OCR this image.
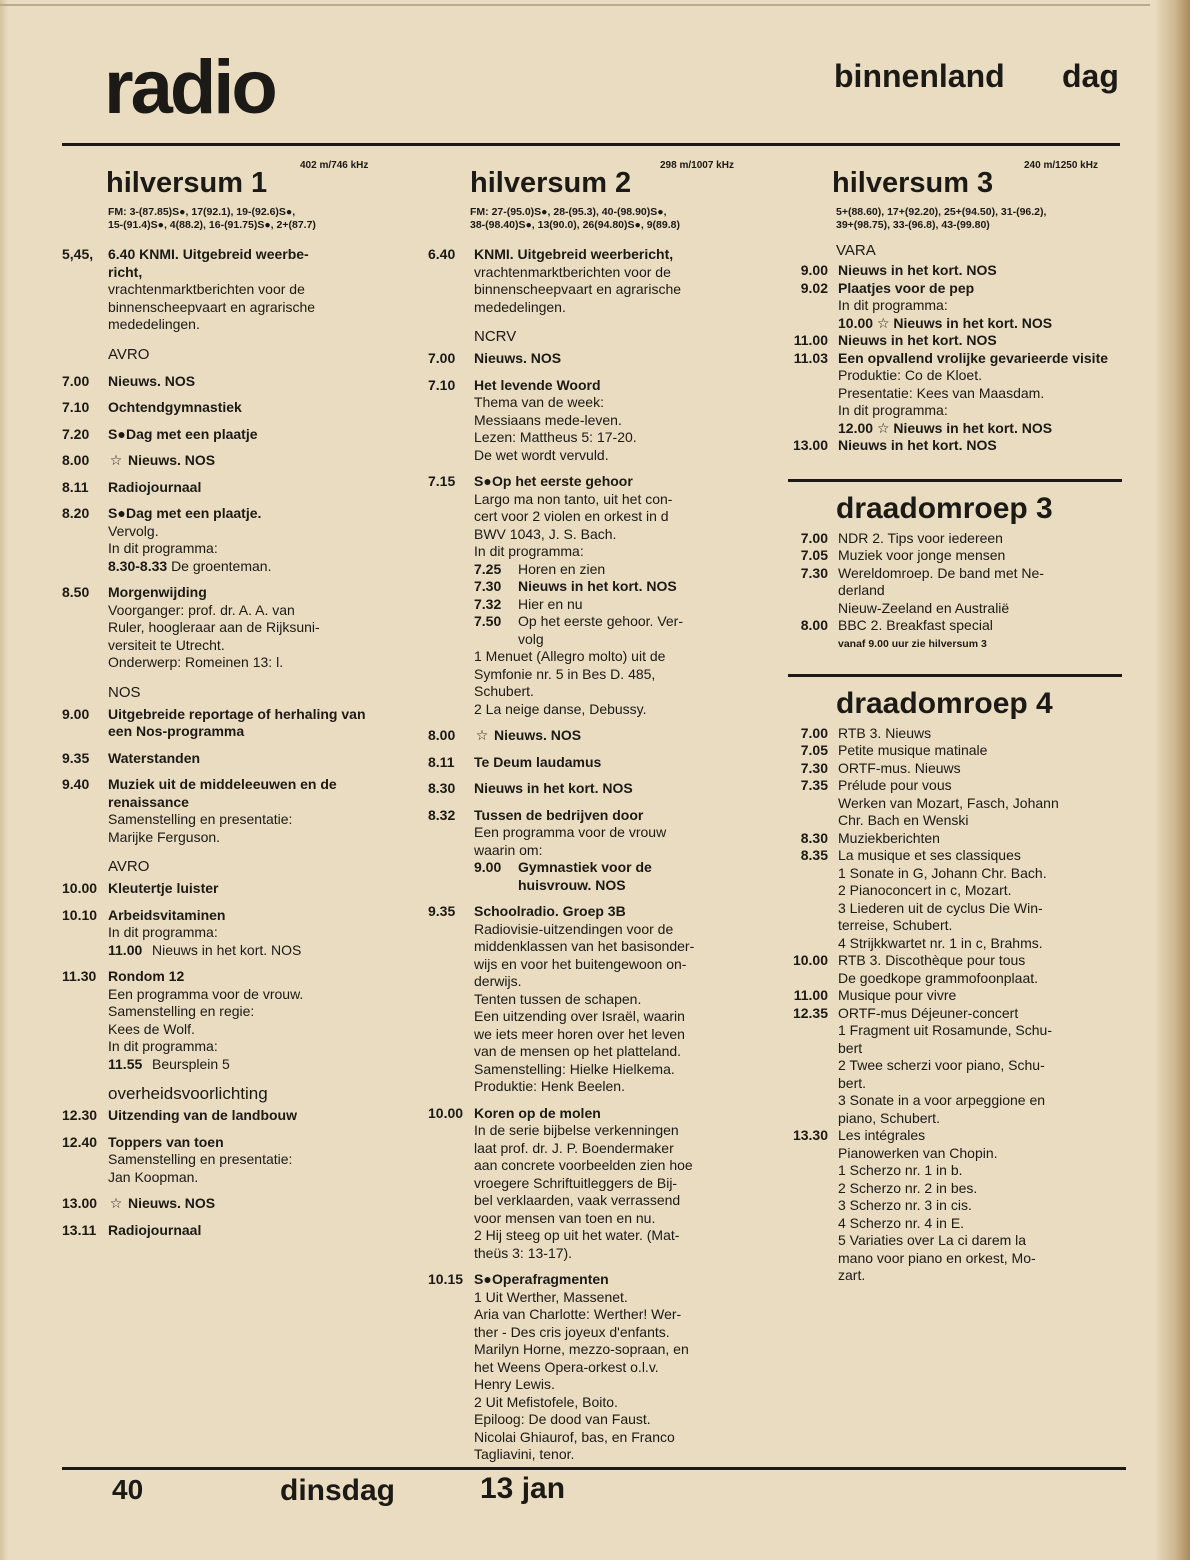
radio	binnenland dag
hilversum 1
402 m/746 kHz
FM: 3-(87.85)S●, 17(92.1), 19-(92.6)S●,
15-(91.4)S●, 4(88.2), 16-(91.75)S●, 2+(87.7)
5,45,	6.40 KNMI. Uitgebreid weerbe-
richt,
vrachtenmarktberichten voor de
binnenscheepvaart en agrarische
mededelingen.
AVRO
7.00	Nieuws. NOS
7.10	Ochtendgymnastiek
7.20	S●Dag met een plaatje
8.00	☆ Nieuws. NOS
8.11	Radiojournaal
8.20	S●Dag met een plaatje.
Vervolg.
In dit programma:
8.30-8.33 De groenteman.
8.50	Morgenwijding
Voorganger: prof. dr. A. A. van
Ruler, hoogleraar aan de Rijksuni-
versiteit te Utrecht.
Onderwerp: Romeinen 13: l.
NOS
9.00	Uitgebreide reportage of herhaling van een Nos-programma
9.35	Waterstanden
9.40	Muziek uit de middeleeuwen en de renaissance
Samenstelling en presentatie:
Marijke Ferguson.
AVRO
10.00 Kleutertje luister
10.10 Arbeidsvitaminen
In dit programma:
11.00 Nieuws in het kort. NOS
11.30 Rondom 12
Een programma voor de vrouw.
Samenstelling en regie:
Kees de Wolf.
In dit programma:
11.55 Beursplein 5
overheidsvoorlichting
12.30 Uitzending van de landbouw
12.40 Toppers van toen
Samenstelling en presentatie:
Jan Koopman.
13.00 ☆ Nieuws. NOS
13.11 Radiojournaal
hilversum 2
298 m/1007 kHz
FM: 27-(95.0)S●, 28-(95.3), 40-(98.90)S●,
38-(98.40)S●, 13(90.0), 26(94.80)S●, 9(89.8)
6.40	KNMI. Uitgebreid weerbericht,
vrachtenmarktberichten voor de
binnenscheepvaart en agrarische
mededelingen.
NCRV
7.00	Nieuws. NOS
7.10	Het levende Woord
Thema van de week:
Messiaans mede-leven.
Lezen: Mattheus 5: 17-20.
De wet wordt vervuld.
7.15	S●Op het eerste gehoor
Largo ma non tanto, uit het con-
cert voor 2 violen en orkest in d
BWV 1043, J. S. Bach.
In dit programma:
7.25	Horen en zien
7.30	Nieuws in het kort. NOS
7.32	Hier en nu
7.50	Op het eerste gehoor. Ver-
volg
1 Menuet (Allegro molto) uit de
Symfonie nr. 5 in Bes D. 485,
Schubert.
2 La neige danse, Debussy.
8.00	☆ Nieuws. NOS
8.11	Te Deum laudamus
8.30	Nieuws in het kort. NOS
8.32	Tussen de bedrijven door
Een programma voor de vrouw
waarin om:
9.00	Gymnastiek voor de
huisvrouw. NOS
9.35	Schoolradio. Groep 3B
Radiovisie-uitzendingen voor de
middenklassen van het basisonder-
wijs en voor het buitengewoon on-
derwijs.
Tenten tussen de schapen.
Een uitzending over Israël, waarin
we iets meer horen over het leven
van de mensen op het platteland.
Samenstelling: Hielke Hielkema.
Produktie: Henk Beelen.
10.00 Koren op de molen
In de serie bijbelse verkenningen
laat prof. dr. J. P. Boendermaker
aan concrete voorbeelden zien hoe
vroegere Schriftuitleggers de Bij-
bel verklaarden, vaak verrassend
voor mensen van toen en nu.
2 Hij steeg op uit het water. (Mat-
theüs 3: 13-17).
10.15 S●Operafragmenten
1 Uit Werther, Massenet.
Aria van Charlotte: Werther! Wer-
ther - Des cris joyeux d'enfants.
Marilyn Horne, mezzo-sopraan, en
het Weens Opera-orkest o.l.v.
Henry Lewis.
2 Uit Mefistofele, Boito.
Epiloog: De dood van Faust.
Nicolai Ghiaurof, bas, en Franco
Tagliavini, tenor.
hilversum 3
240 m/1250 kHz
5+(88.60), 17+(92.20), 25+(94.50), 31-(96.2),
39+(98.75), 33-(96.8), 43-(99.80)
VARA
9.00 Nieuws in het kort. NOS
9.02 Plaatjes voor de pep
In dit programma:
10.00 ☆ Nieuws in het kort. NOS
11.00 Nieuws in het kort. NOS
11.03 Een opvallend vrolijke gevarieerde visite
Produktie: Co de Kloet.
Presentatie: Kees van Maasdam.
In dit programma:
12.00 ☆ Nieuws in het kort. NOS
13.00 Nieuws in het kort. NOS
draadomroep 3
7.00 NDR 2. Tips voor iedereen
7.05 Muziek voor jonge mensen
7.30 Wereldomroep. De band met Ne-
derland
Nieuw-Zeeland en Australië
8.00 BBC 2. Breakfast special
vanaf 9.00 uur zie hilversum 3
draadomroep 4
7.00 RTB 3. Nieuws
7.05 Petite musique matinale
7.30 ORTF-mus. Nieuws
7.35 Prélude pour vous
Werken van Mozart, Fasch, Johann
Chr. Bach en Wenski
8.30 Muziekberichten
8.35 La musique et ses classiques
1 Sonate in G, Johann Chr. Bach.
2 Pianoconcert in c, Mozart.
3 Liederen uit de cyclus Die Win-
terreise, Schubert.
4 Strijkkwartet nr. 1 in c, Brahms.
10.00 RTB 3. Discothèque pour tous
De goedkope grammofoonplaat.
11.00 Musique pour vivre
12.35 ORTF-mus Déjeuner-concert
1 Fragment uit Rosamunde, Schu-
bert
2 Twee scherzi voor piano, Schu-
bert.
3 Sonate in a voor arpeggione en
piano, Schubert.
13.30 Les intégrales
Pianowerken van Chopin.
1 Scherzo nr. 1 in b.
2 Scherzo nr. 2 in bes.
3 Scherzo nr. 3 in cis.
4 Scherzo nr. 4 in E.
5 Variaties over La ci darem la
mano voor piano en orkest, Mo-
zart.
40	dinsdag	13 jan
